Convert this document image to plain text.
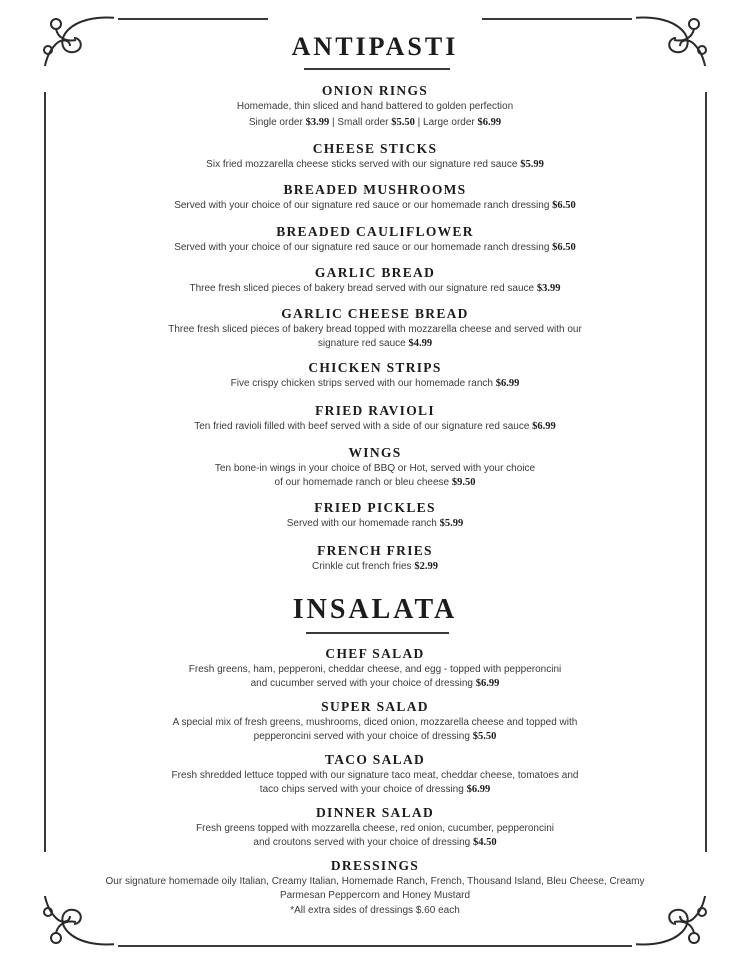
ANTIPASTI
ONION RINGS
Homemade, thin sliced and hand battered to golden perfection
Single order $3.99 | Small order $5.50 | Large order $6.99
CHEESE STICKS
Six fried mozzarella cheese sticks served with our signature red sauce $5.99
BREADED MUSHROOMS
Served with your choice of our signature red sauce or our homemade ranch dressing $6.50
BREADED CAULIFLOWER
Served with your choice of our signature red sauce or our homemade ranch dressing $6.50
GARLIC BREAD
Three fresh sliced pieces of bakery bread served with our signature red sauce $3.99
GARLIC CHEESE BREAD
Three fresh sliced pieces of bakery bread topped with mozzarella cheese and served with our
signature red sauce $4.99
CHICKEN STRIPS
Five crispy chicken strips served with our homemade ranch $6.99
FRIED RAVIOLI
Ten fried ravioli filled with beef served with a side of our signature red sauce $6.99
WINGS
Ten bone-in wings in your choice of BBQ or Hot, served with your choice
of our homemade ranch or bleu cheese $9.50
FRIED PICKLES
Served with our homemade ranch $5.99
FRENCH FRIES
Crinkle cut french fries $2.99
INSALATA
CHEF SALAD
Fresh greens, ham, pepperoni, cheddar cheese, and egg - topped with pepperoncini
and cucumber served with your choice of dressing $6.99
SUPER SALAD
A special mix of fresh greens, mushrooms, diced onion, mozzarella cheese and topped with
pepperoncini served with your choice of dressing $5.50
TACO SALAD
Fresh shredded lettuce topped with our signature taco meat, cheddar cheese, tomatoes and
taco chips served with your choice of dressing $6.99
DINNER SALAD
Fresh greens topped with mozzarella cheese, red onion, cucumber, pepperoncini
and croutons served with your choice of dressing $4.50
DRESSINGS
Our signature homemade oily Italian, Creamy Italian, Homemade Ranch, French, Thousand Island, Bleu Cheese, Creamy
Parmesan Peppercorn and Honey Mustard
*All extra sides of dressings $.60 each
